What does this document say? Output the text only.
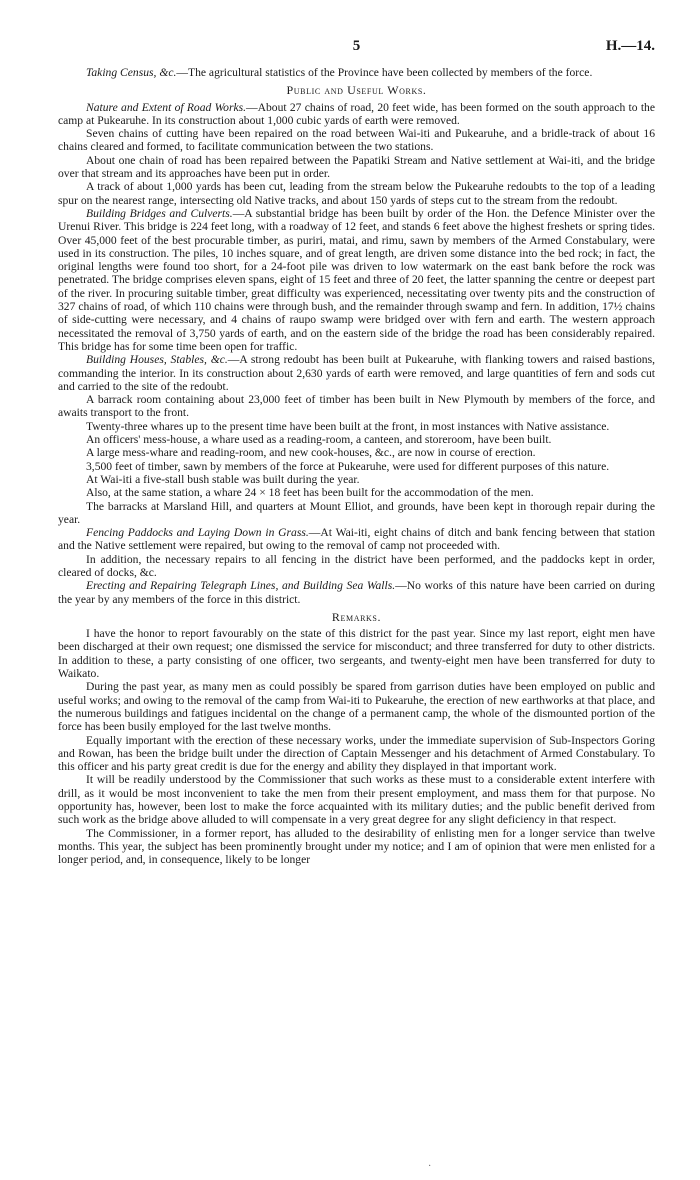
5	H.—14.

Taking Census, &c.—The agricultural statistics of the Province have been collected by members of the force.

Public and Useful Works.

Nature and Extent of Road Works.—About 27 chains of road, 20 feet wide, has been formed on the south approach to the camp at Pukearuhe. In its construction about 1,000 cubic yards of earth were removed.

Seven chains of cutting have been repaired on the road between Wai-iti and Pukearuhe, and a bridle-track of about 16 chains cleared and formed, to facilitate communication between the two stations.

About one chain of road has been repaired between the Papatiki Stream and Native settlement at Wai-iti, and the bridge over that stream and its approaches have been put in order.

A track of about 1,000 yards has been cut, leading from the stream below the Pukearuhe redoubts to the top of a leading spur on the nearest range, intersecting old Native tracks, and about 150 yards of steps cut to the stream from the redoubt.

Building Bridges and Culverts.—A substantial bridge has been built by order of the Hon. the Defence Minister over the Urenui River. This bridge is 224 feet long, with a roadway of 12 feet, and stands 6 feet above the highest freshets or spring tides. Over 45,000 feet of the best procurable timber, as puriri, matai, and rimu, sawn by members of the Armed Constabulary, were used in its construction. The piles, 10 inches square, and of great length, are driven some distance into the bed rock; in fact, the original lengths were found too short, for a 24-foot pile was driven to low watermark on the east bank before the rock was penetrated. The bridge comprises eleven spans, eight of 15 feet and three of 20 feet, the latter spanning the centre or deepest part of the river. In procuring suitable timber, great difficulty was experienced, necessitating over twenty pits and the construction of 327 chains of road, of which 110 chains were through bush, and the remainder through swamp and fern. In addition, 17½ chains of side-cutting were necessary, and 4 chains of raupo swamp were bridged over with fern and earth. The western approach necessitated the removal of 3,750 yards of earth, and on the eastern side of the bridge the road has been considerably repaired. This bridge has for some time been open for traffic.

Building Houses, Stables, &c.—A strong redoubt has been built at Pukearuhe, with flanking towers and raised bastions, commanding the interior. In its construction about 2,630 yards of earth were removed, and large quantities of fern and sods cut and carried to the site of the redoubt.

A barrack room containing about 23,000 feet of timber has been built in New Plymouth by members of the force, and awaits transport to the front.

Twenty-three whares up to the present time have been built at the front, in most instances with Native assistance.

An officers' mess-house, a whare used as a reading-room, a canteen, and storeroom, have been built.

A large mess-whare and reading-room, and new cook-houses, &c., are now in course of erection.

3,500 feet of timber, sawn by members of the force at Pukearuhe, were used for different purposes of this nature.

At Wai-iti a five-stall bush stable was built during the year.

Also, at the same station, a whare 24 × 18 feet has been built for the accommodation of the men.

The barracks at Marsland Hill, and quarters at Mount Elliot, and grounds, have been kept in thorough repair during the year.

Fencing Paddocks and Laying Down in Grass.—At Wai-iti, eight chains of ditch and bank fencing between that station and the Native settlement were repaired, but owing to the removal of camp not proceeded with.

In addition, the necessary repairs to all fencing in the district have been performed, and the paddocks kept in order, cleared of docks, &c.

Erecting and Repairing Telegraph Lines, and Building Sea Walls.—No works of this nature have been carried on during the year by any members of the force in this district.

Remarks.

I have the honor to report favourably on the state of this district for the past year. Since my last report, eight men have been discharged at their own request; one dismissed the service for misconduct; and three transferred for duty to other districts. In addition to these, a party consisting of one officer, two sergeants, and twenty-eight men have been transferred for duty to Waikato.

During the past year, as many men as could possibly be spared from garrison duties have been employed on public and useful works; and owing to the removal of the camp from Wai-iti to Pukearuhe, the erection of new earthworks at that place, and the numerous buildings and fatigues incidental on the change of a permanent camp, the whole of the dismounted portion of the force has been busily employed for the last twelve months.

Equally important with the erection of these necessary works, under the immediate supervision of Sub-Inspectors Goring and Rowan, has been the bridge built under the direction of Captain Messenger and his detachment of Armed Constabulary. To this officer and his party great credit is due for the energy and ability they displayed in that important work.

It will be readily understood by the Commissioner that such works as these must to a considerable extent interfere with drill, as it would be most inconvenient to take the men from their present employment, and mass them for that purpose. No opportunity has, however, been lost to make the force acquainted with its military duties; and the public benefit derived from such work as the bridge above alluded to will compensate in a very great degree for any slight deficiency in that respect.

The Commissioner, in a former report, has alluded to the desirability of enlisting men for a longer service than twelve months. This year, the subject has been prominently brought under my notice; and I am of opinion that were men enlisted for a longer period, and, in consequence, likely to be longer

·
